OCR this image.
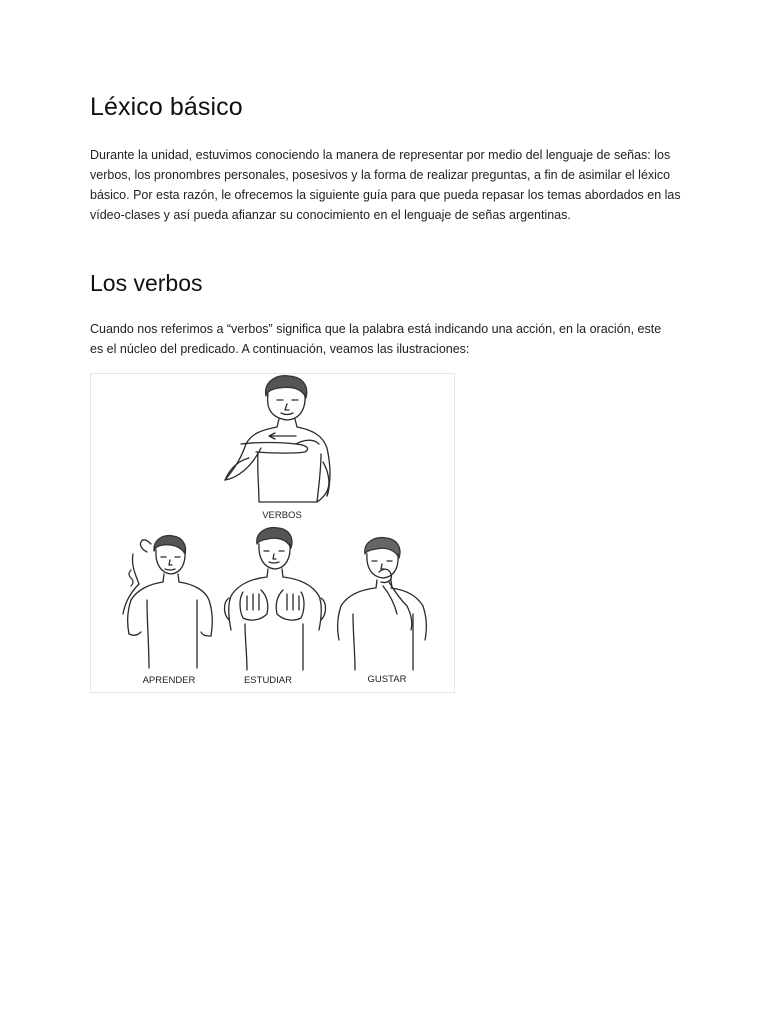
Léxico básico

Durante la unidad, estuvimos conociendo la manera de representar por medio del lenguaje de señas: los
verbos, los pronombres personales, posesivos y la forma de realizar preguntas, a fin de asimilar el léxico
básico. Por esta razón, le ofrecemos la siguiente guía para que pueda repasar los temas abordados en las
vídeo-clases y así pueda afianzar su conocimiento en el lenguaje de señas argentinas.

Los verbos

Cuando nos referimos a “verbos” significa que la palabra está indicando una acción, en la oración, este
es el núcleo del predicado. A continuación, veamos las ilustraciones:

VERBOS
APRENDER	ESTUDIAR	GUSTAR
